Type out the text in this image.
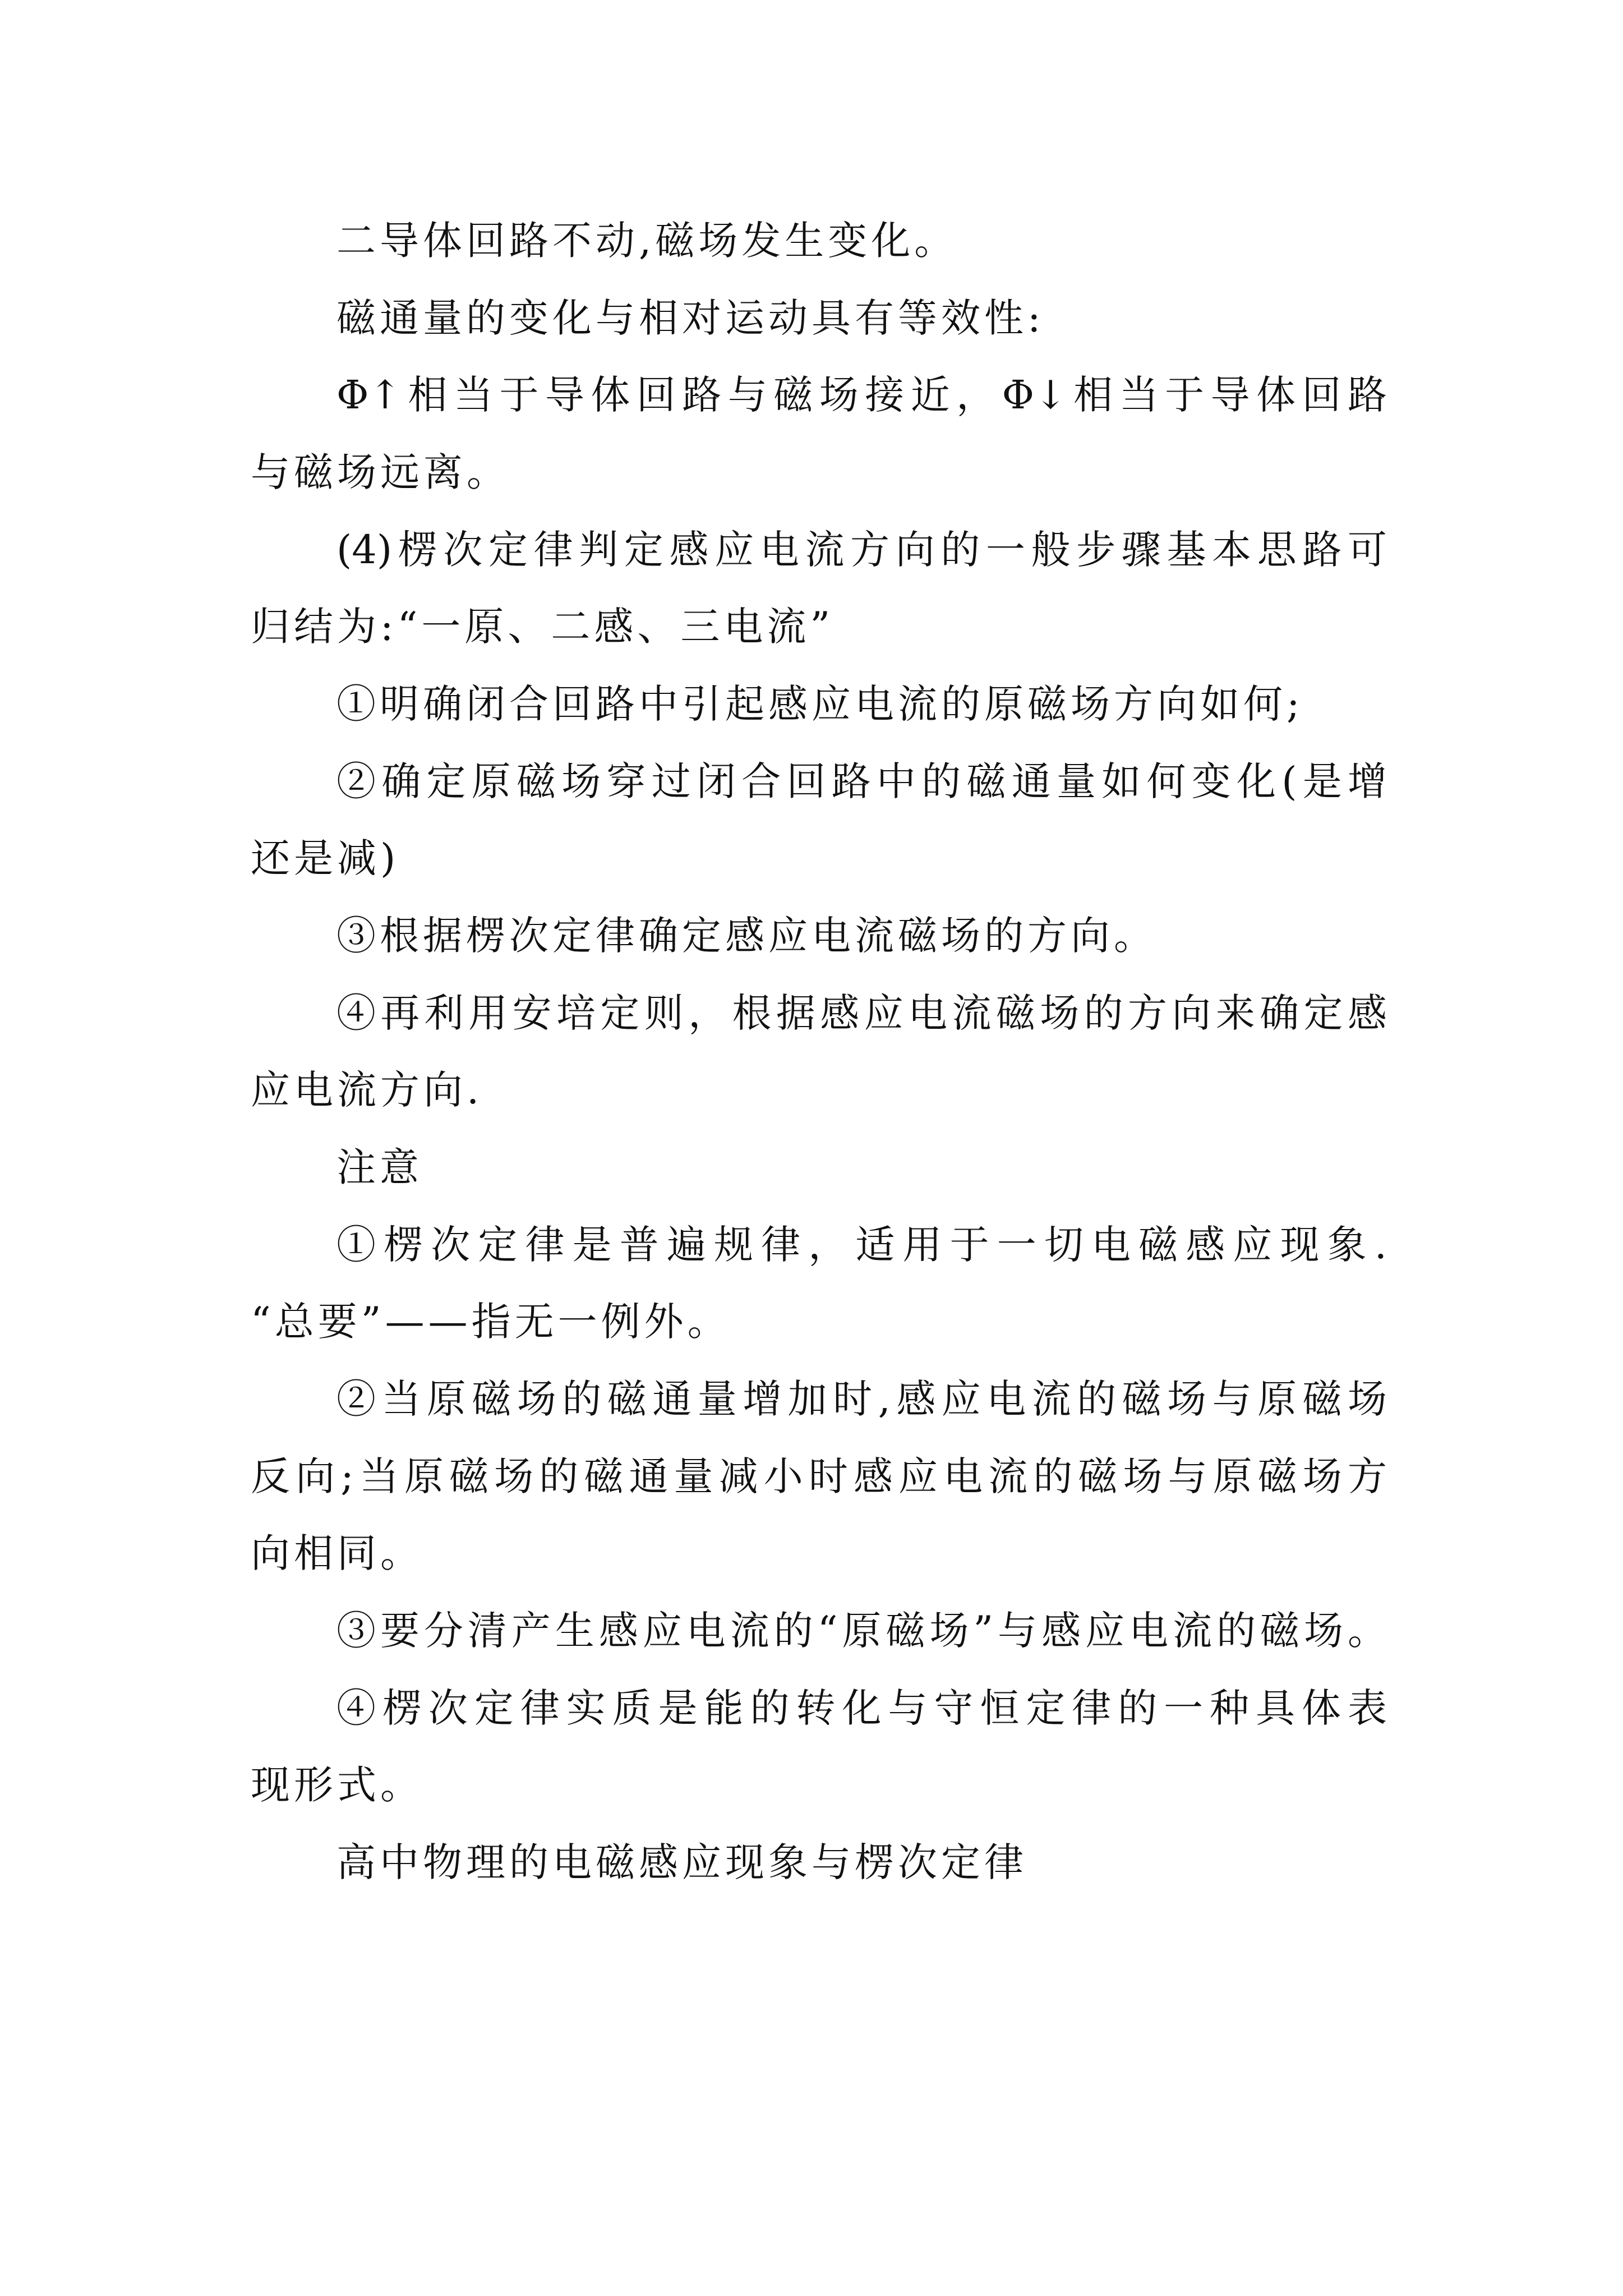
二导体回路不动,磁场发生变化。
磁通量的变化与相对运动具有等效性:
Φ↑相当于导体回路与磁场接近，Φ↓相当于导体回路
与磁场远离。
(4)楞次定律判定感应电流方向的一般步骤基本思路可
归结为:“一原、二感、三电流”
①明确闭合回路中引起感应电流的原磁场方向如何;
②确定原磁场穿过闭合回路中的磁通量如何变化(是增
还是减)
③根据楞次定律确定感应电流磁场的方向。
④再利用安培定则，根据感应电流磁场的方向来确定感
应电流方向.
注意
①楞次定律是普遍规律，适用于一切电磁感应现象.
“总要”——指无一例外。
②当原磁场的磁通量增加时,感应电流的磁场与原磁场
反向;当原磁场的磁通量减小时感应电流的磁场与原磁场方
向相同。
③要分清产生感应电流的“原磁场”与感应电流的磁场。
④楞次定律实质是能的转化与守恒定律的一种具体表
现形式。
高中物理的电磁感应现象与楞次定律
